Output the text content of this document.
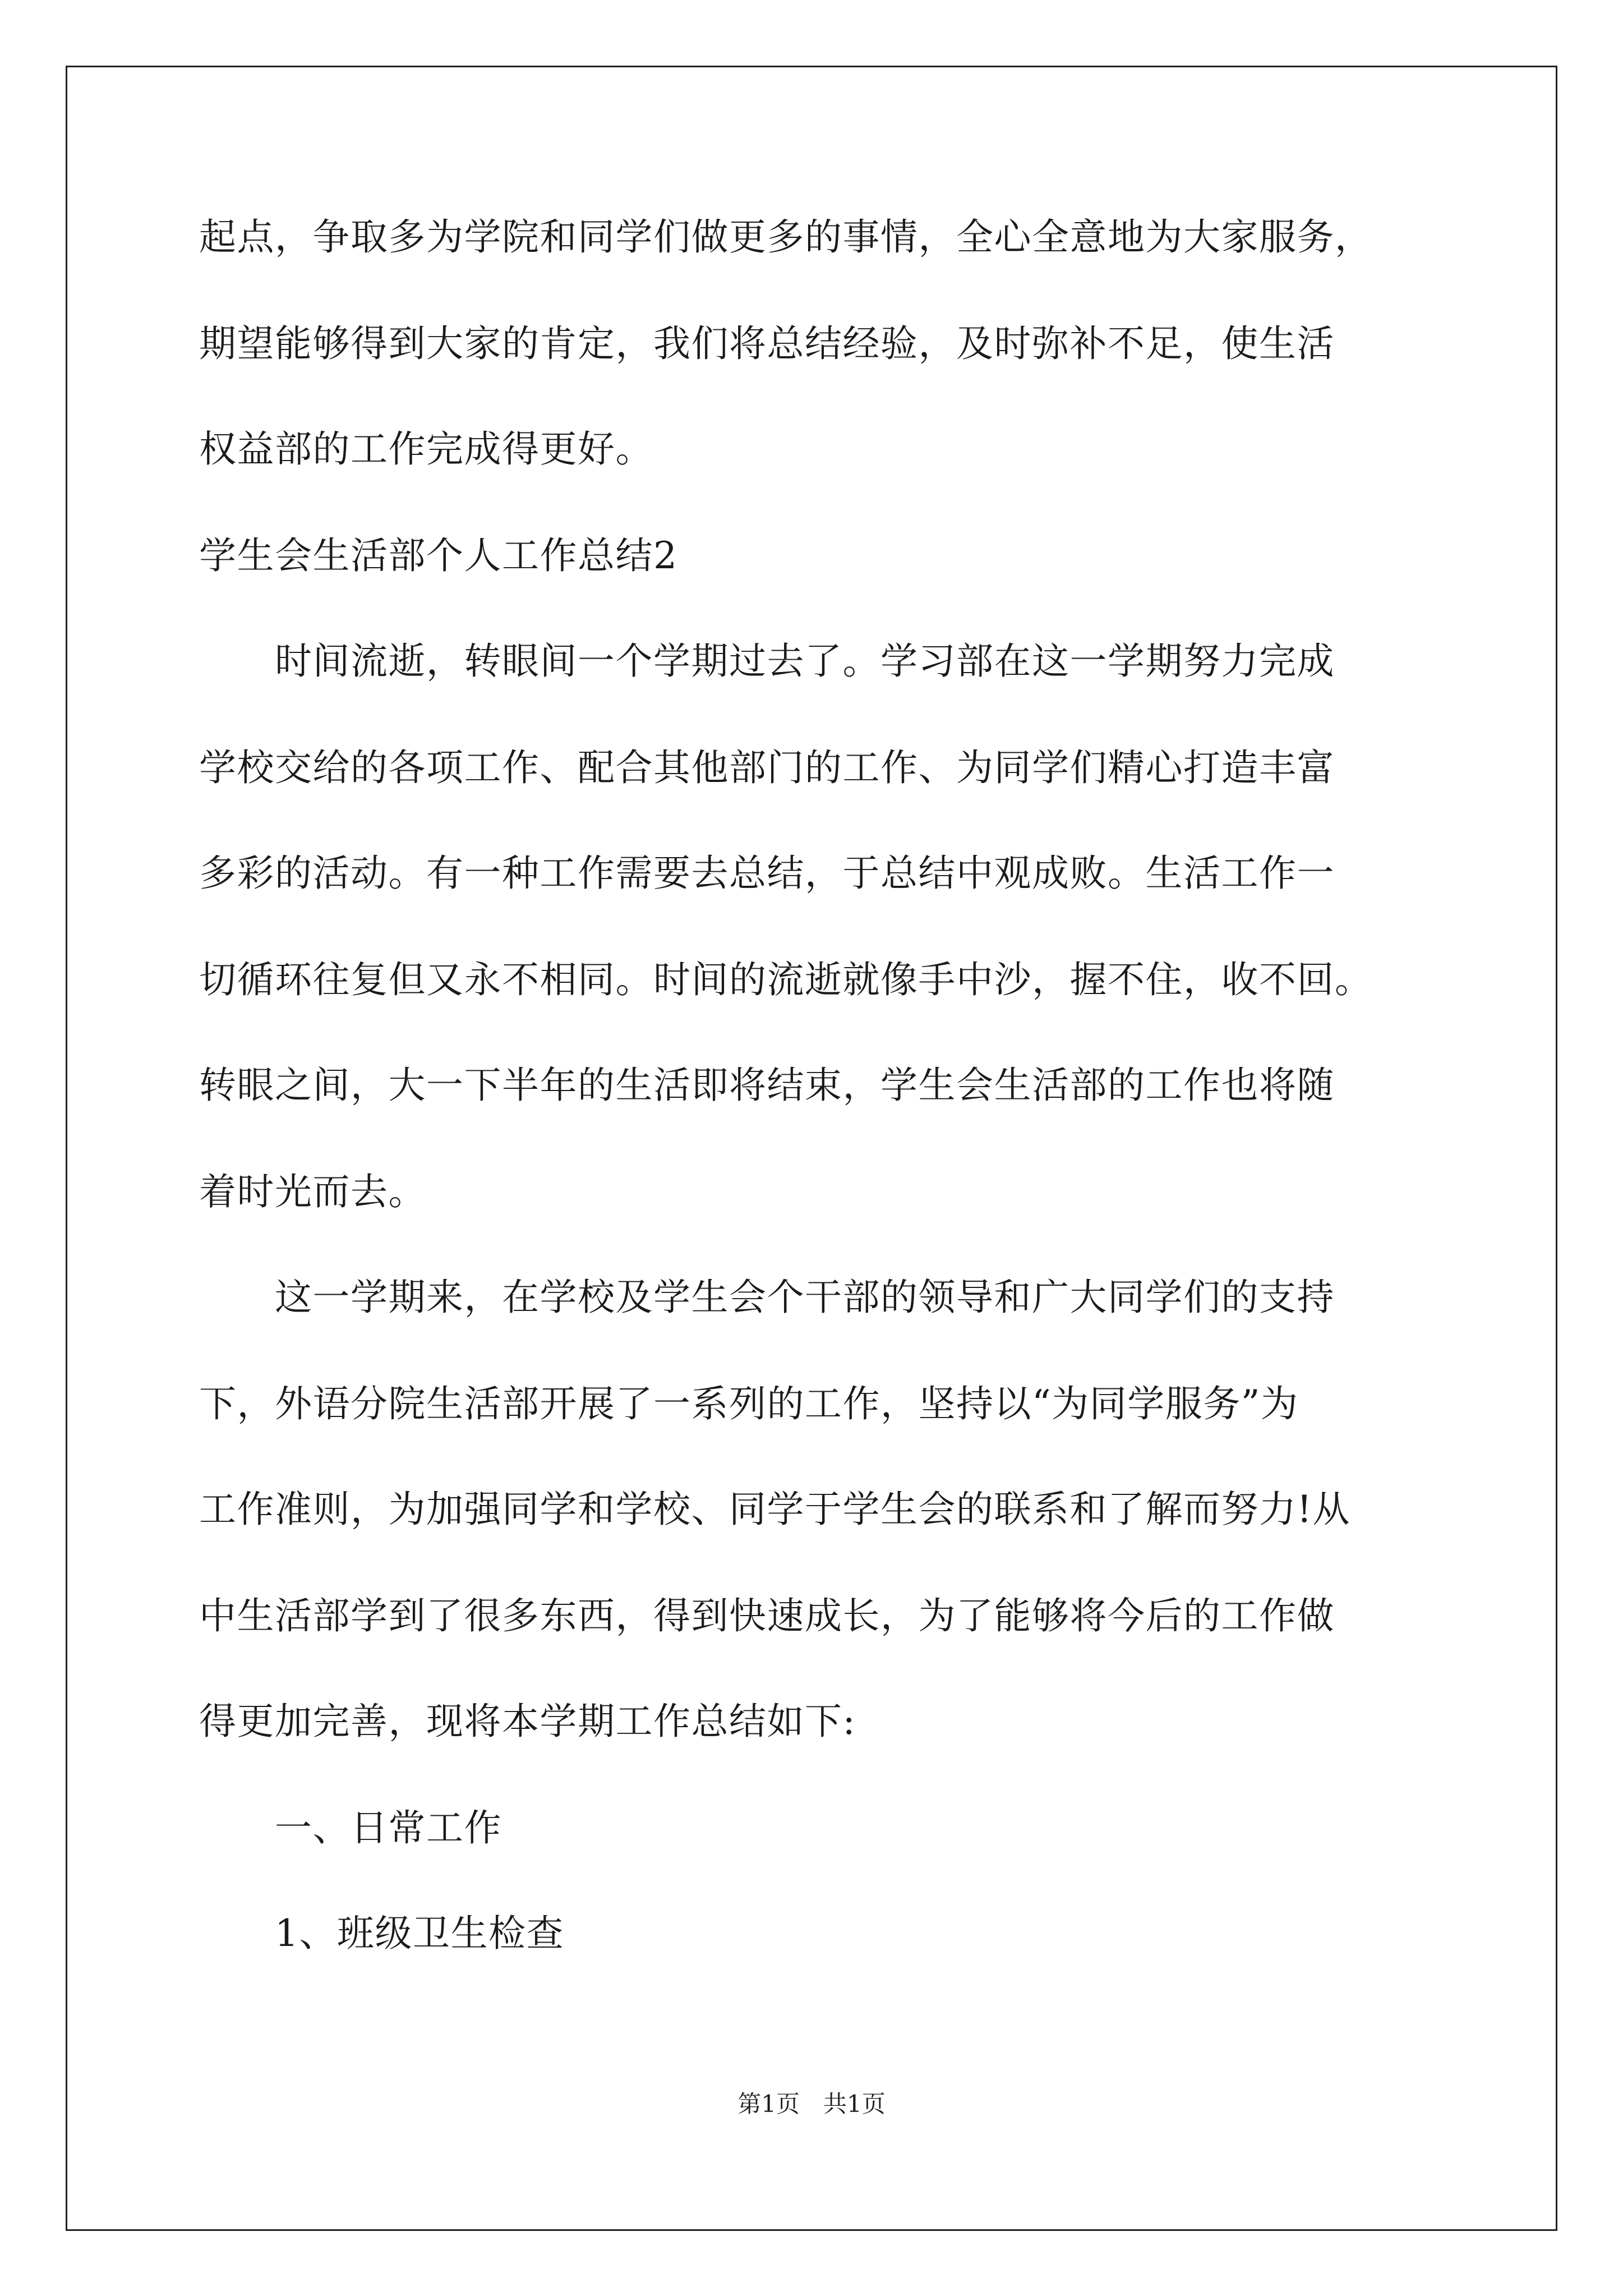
起点，争取多为学院和同学们做更多的事情，全心全意地为大家服务，
期望能够得到大家的肯定，我们将总结经验，及时弥补不足，使生活
权益部的工作完成得更好。
学生会生活部个人工作总结2
　　时间流逝，转眼间一个学期过去了。学习部在这一学期努力完成
学校交给的各项工作、配合其他部门的工作、为同学们精心打造丰富
多彩的活动。有一种工作需要去总结，于总结中观成败。生活工作一
切循环往复但又永不相同。时间的流逝就像手中沙，握不住，收不回。
转眼之间，大一下半年的生活即将结束，学生会生活部的工作也将随
着时光而去。
　　这一学期来，在学校及学生会个干部的领导和广大同学们的支持
下，外语分院生活部开展了一系列的工作，坚持以“为同学服务”为
工作准则，为加强同学和学校、同学于学生会的联系和了解而努力!从
中生活部学到了很多东西，得到快速成长，为了能够将今后的工作做
得更加完善，现将本学期工作总结如下:
　　一、日常工作
　　1、班级卫生检查
第1页　共1页
